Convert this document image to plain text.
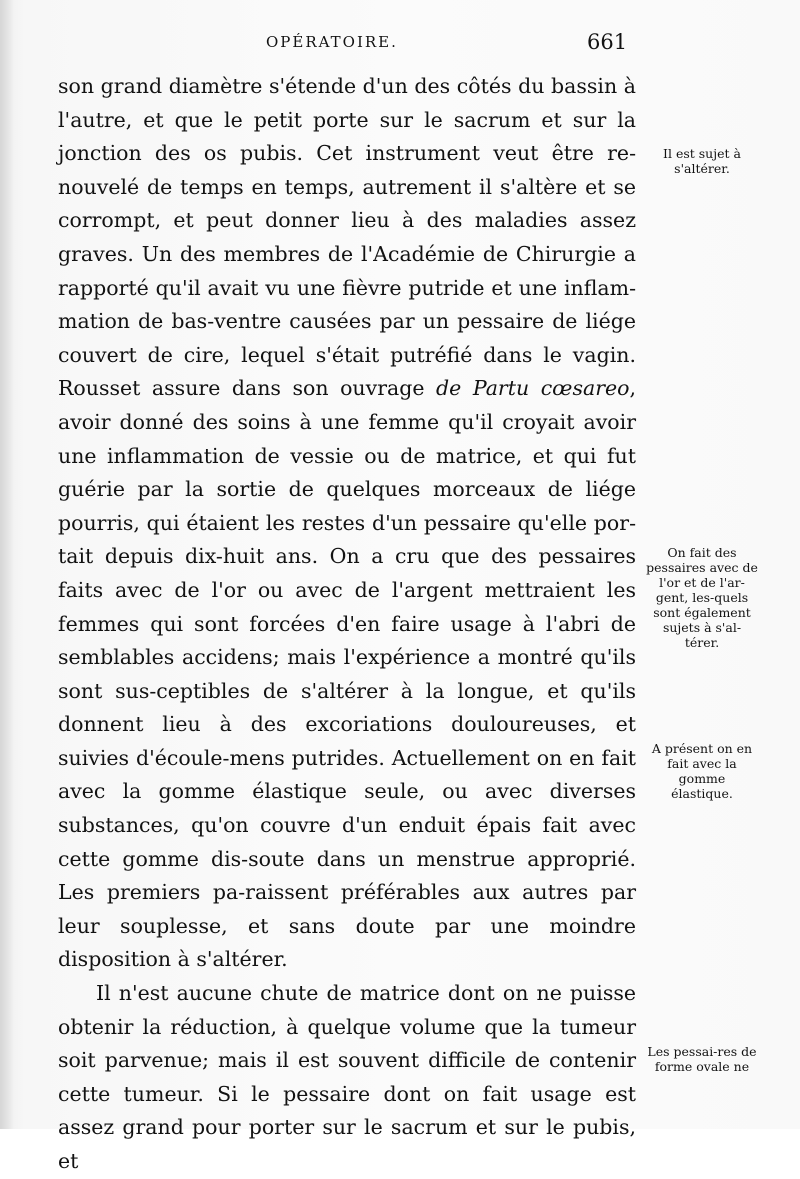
OPÉRATOIRE.	661

son grand diamètre s'étende d'un des côtés du bassin à l'autre, et que le petit porte sur le sacrum et sur la jonction des os pubis. Cet instrument veut être re-nouvelé de temps en temps, autrement il s'altère et se corrompt, et peut donner lieu à des maladies assez graves. Un des membres de l'Académie de Chirurgie a rapporté qu'il avait vu une fièvre putride et une inflam-mation de bas-ventre causées par un pessaire de liége couvert de cire, lequel s'était putréfié dans le vagin. Rousset assure dans son ouvrage de Partu cœsareo, avoir donné des soins à une femme qu'il croyait avoir une inflammation de vessie ou de matrice, et qui fut guérie par la sortie de quelques morceaux de liége pourris, qui étaient les restes d'un pessaire qu'elle por-tait depuis dix-huit ans. On a cru que des pessaires faits avec de l'or ou avec de l'argent mettraient les femmes qui sont forcées d'en faire usage à l'abri de semblables accidens; mais l'expérience a montré qu'ils sont sus-ceptibles de s'altérer à la longue, et qu'ils donnent lieu à des excoriations douloureuses, et suivies d'écoule-mens putrides. Actuellement on en fait avec la gomme élastique seule, ou avec diverses substances, qu'on couvre d'un enduit épais fait avec cette gomme dis-soute dans un menstrue approprié. Les premiers pa-raissent préférables aux autres par leur souplesse, et sans doute par une moindre disposition à s'altérer.

Il n'est aucune chute de matrice dont on ne puisse obtenir la réduction, à quelque volume que la tumeur soit parvenue; mais il est souvent difficile de contenir cette tumeur. Si le pessaire dont on fait usage est assez grand pour porter sur le sacrum et sur le pubis, et

Il est sujet à s'altérer.
On fait des pessaires avec de l'or et de l'ar-gent, les-quels sont également sujets à s'al-térer.
A présent on en fait avec la gomme élastique.
Les pessai-res de forme ovale ne
